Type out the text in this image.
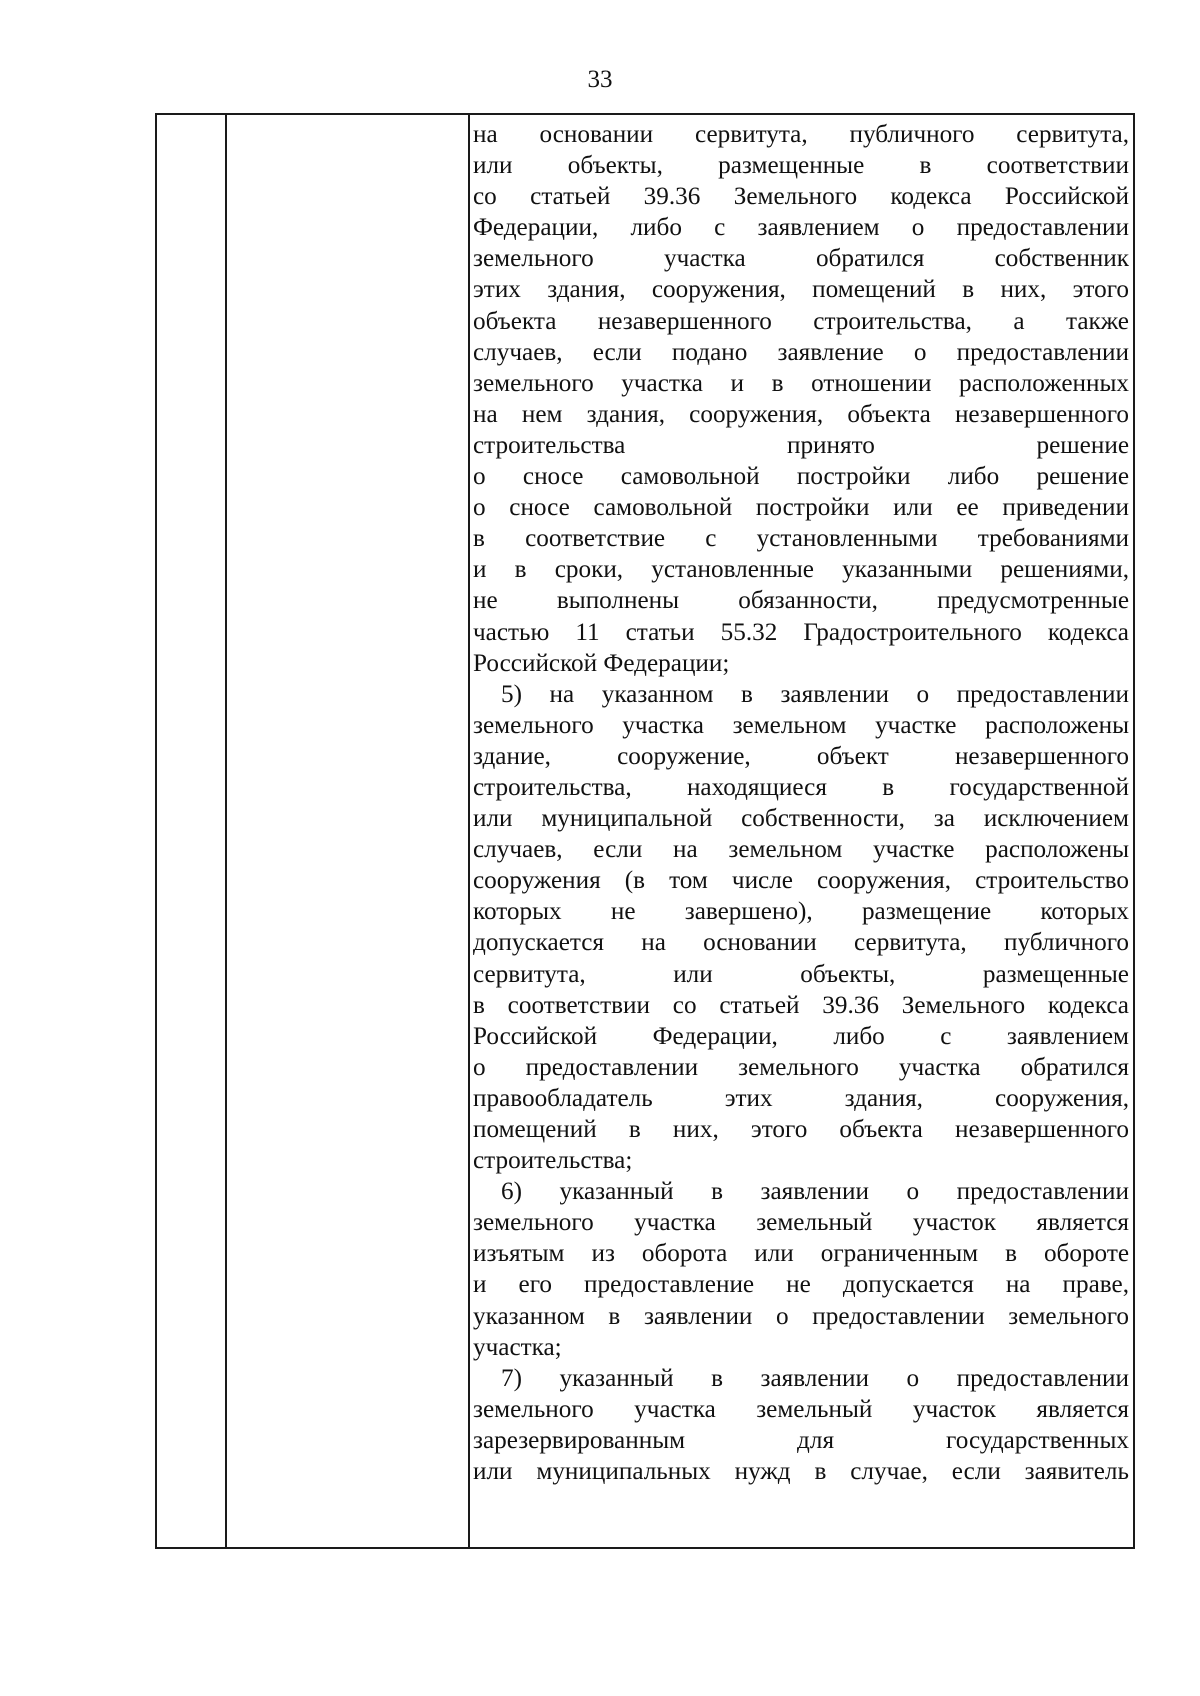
33
на основании сервитута, публичного сервитута,
или объекты, размещенные в соответствии
со статьей 39.36 Земельного кодекса Российской
Федерации, либо с заявлением о предоставлении
земельного участка обратился собственник
этих здания, сооружения, помещений в них, этого
объекта незавершенного строительства, а также
случаев, если подано заявление о предоставлении
земельного участка и в отношении расположенных
на нем здания, сооружения, объекта незавершенного
строительства принято решение
о сносе самовольной постройки либо решение
о сносе самовольной постройки или ее приведении
в соответствие с установленными требованиями
и в сроки, установленные указанными решениями,
не выполнены обязанности, предусмотренные
частью 11 статьи 55.32 Градостроительного кодекса
Российской Федерации;
5) на указанном в заявлении о предоставлении
земельного участка земельном участке расположены
здание, сооружение, объект незавершенного
строительства, находящиеся в государственной
или муниципальной собственности, за исключением
случаев, если на земельном участке расположены
сооружения (в том числе сооружения, строительство
которых не завершено), размещение которых
допускается на основании сервитута, публичного
сервитута, или объекты, размещенные
в соответствии со статьей 39.36 Земельного кодекса
Российской Федерации, либо с заявлением
о предоставлении земельного участка обратился
правообладатель этих здания, сооружения,
помещений в них, этого объекта незавершенного
строительства;
6) указанный в заявлении о предоставлении
земельного участка земельный участок является
изъятым из оборота или ограниченным в обороте
и его предоставление не допускается на праве,
указанном в заявлении о предоставлении земельного
участка;
7) указанный в заявлении о предоставлении
земельного участка земельный участок является
зарезервированным для государственных
или муниципальных нужд в случае, если заявитель
